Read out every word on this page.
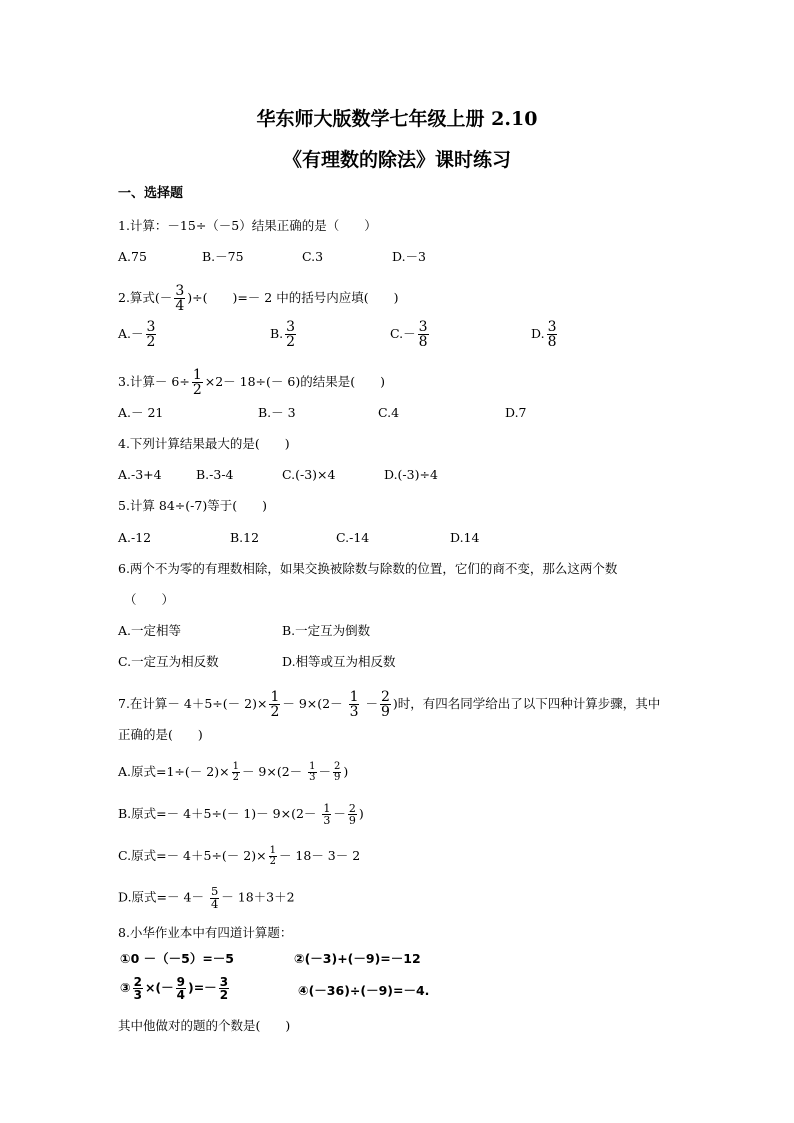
华东师大版数学七年级上册 2.10
《有理数的除法》课时练习
一、选择题
1.计算：－15÷（－5）结果正确的是（　　）
A.75	B.－75	C.3	D.－3
2.算式(－ $\frac{3}{4}$ )÷(　　)=－ 2 中的括号内应填(　　)
$A.- \frac{3}{2}$	B. $\frac{3}{2}$	$C.- \frac{3}{8}$	D. $\frac{3}{8}$
3.计算－ $6\div \frac{1}{2} \times 2- 18\div(- 6)$的结果是(　　)
A.－ 21	B.－ 3	C.4	D.7
4.下列计算结果最大的是(　　)
A.-3+4	B.-3-4	C.(-3)×4	D.(-3)÷4
5.计算 84÷(-7)等于(　　)
A.-12	B.12	C.-14	D.14
6.两个不为零的有理数相除，如果交换被除数与除数的位置，它们的商不变，那么这两个数
（　　）
A.一定相等	B.一定互为倒数
C.一定互为相反数	D.相等或互为相反数
7.在计算－ $4+5\div(- 2)\times \frac{1}{2} - 9\times(2- \frac{1}{3} - \frac{2}{9}$ )时，有四名同学给出了以下四种计算步骤，其中
正确的是(　　)
A.原式$=1\div(- 2)\times \frac{1}{2} - 9\times(2- \frac{1}{3} - \frac{2}{9}$ )
B.原式=－ $4+5\div(- 1)- 9\times(2- \frac{1}{3} - \frac{2}{9}$ )
C.原式=－ $4+5\div(- 2)\times \frac{1}{2} - 18- 3- 2$
D.原式=－ $4- \frac{5}{4} - 18+3+2$
8.小华作业本中有四道计算题：
①0 －（－5）=－5	②(－3)+(－9)=－12
③ $\frac{2}{3}$ ×(－ $\frac{9}{4}$ )=－ $\frac{3}{2}$	④(－36)÷(－9)=－4.
其中他做对的题的个数是(　　)
